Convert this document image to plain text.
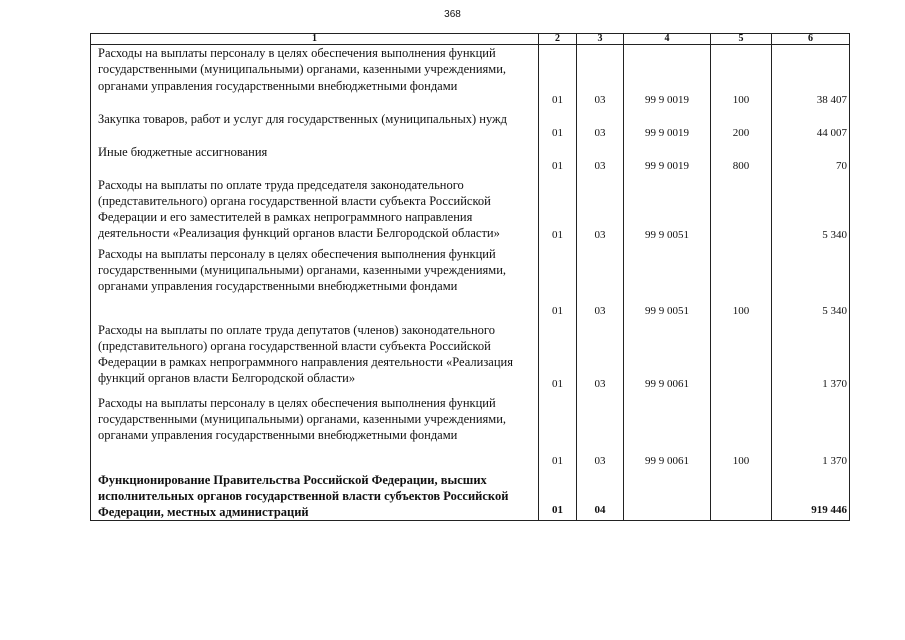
368
1	2	3	4	5	6
Расходы на выплаты персоналу в целях обеспечения выполнения функций государственными (муниципальными) органами, казенными учреждениями, органами управления государственными внебюджетными фондами	01	03	99 9 0019	100	38 407
Закупка товаров, работ и услуг для государственных (муниципальных) нужд	01	03	99 9 0019	200	44 007
Иные бюджетные ассигнования	01	03	99 9 0019	800	70
Расходы на выплаты по оплате труда председателя законодательного (представительного) органа государственной власти субъекта Российской Федерации и его заместителей в рамках непрограммного направления деятельности «Реализация функций органов власти Белгородской области»	01	03	99 9 0051		5 340
Расходы на выплаты персоналу в целях обеспечения выполнения функций государственными (муниципальными) органами, казенными учреждениями, органами управления государственными внебюджетными фондами	01	03	99 9 0051	100	5 340
Расходы на выплаты по оплате труда депутатов (членов) законодательного (представительного) органа государственной власти субъекта Российской Федерации в рамках непрограммного направления деятельности «Реализация функций органов власти Белгородской области»	01	03	99 9 0061		1 370
Расходы на выплаты персоналу в целях обеспечения выполнения функций государственными (муниципальными) органами, казенными учреждениями, органами управления государственными внебюджетными фондами	01	03	99 9 0061	100	1 370
Функционирование Правительства Российской Федерации, высших исполнительных органов государственной власти субъектов Российской Федерации, местных администраций	01	04			919 446
